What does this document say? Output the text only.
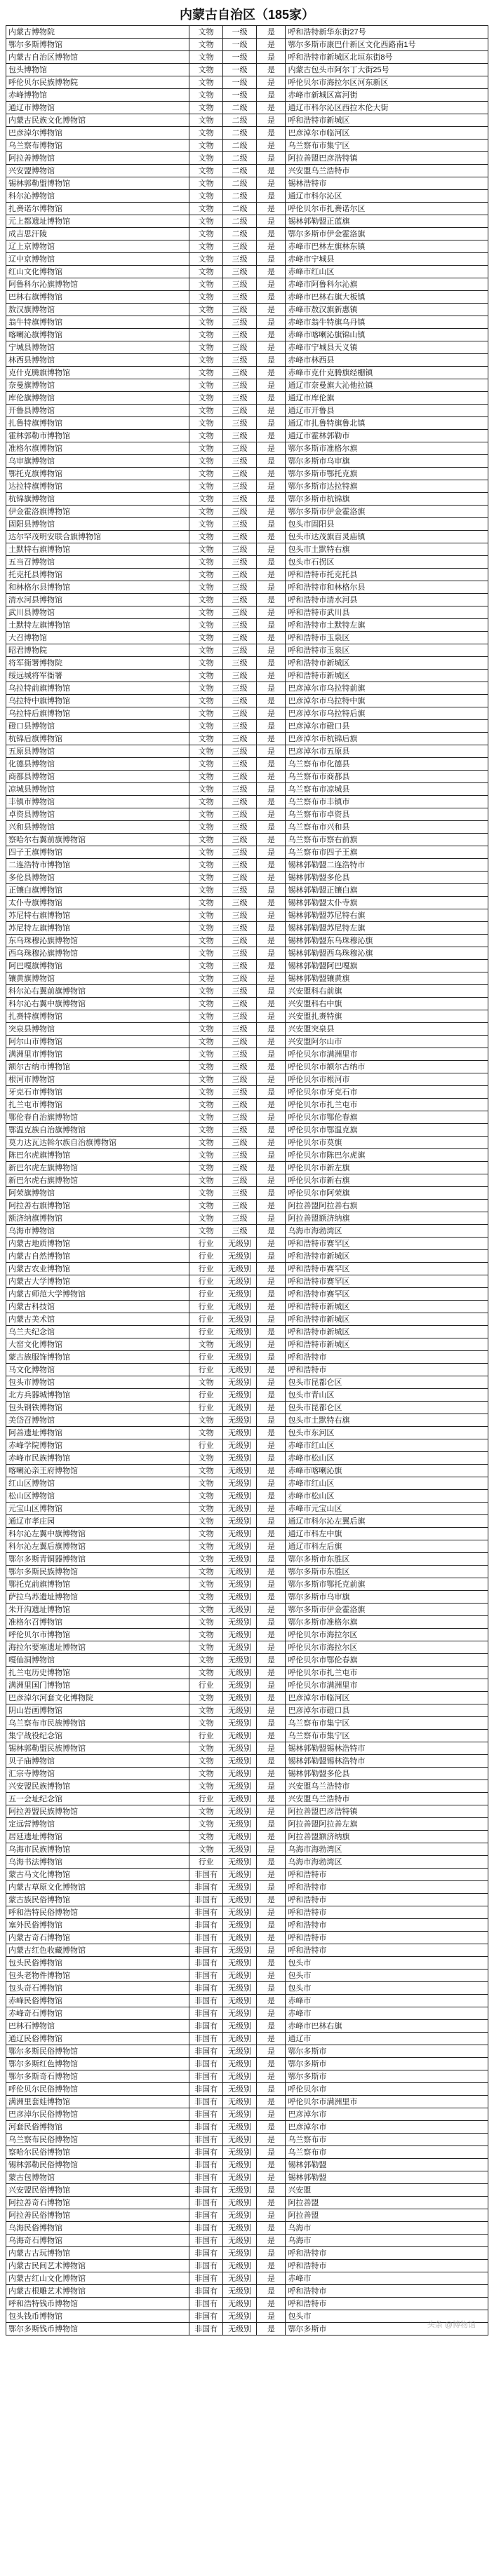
内蒙古自治区（185家）
内蒙古博物院	文物	一级	是	呼和浩特新华东街27号
鄂尔多斯博物馆	文物	一级	是	鄂尔多斯市康巴什新区文化西路南1号
内蒙古自治区博物馆	文物	一级	是	呼和浩特市新城区北垣东街8号
包头博物馆	文物	一级	是	内蒙古包头市阿尔丁大街25号
呼伦贝尔民族博物院	文物	一级	是	呼伦贝尔市海拉尔区河东新区
赤峰博物馆	文物	一级	是	赤峰市新城区富河街
通辽市博物馆	文物	二级	是	通辽市科尔沁区西拉木伦大街
内蒙古民族文化博物馆	文物	二级	是	呼和浩特市新城区
巴彦淖尔博物馆	文物	二级	是	巴彦淖尔市临河区
乌兰察布博物馆	文物	二级	是	乌兰察布市集宁区
阿拉善博物馆	文物	二级	是	阿拉善盟巴彦浩特镇
兴安盟博物馆	文物	二级	是	兴安盟乌兰浩特市
锡林郭勒盟博物馆	文物	二级	是	锡林浩特市
科尔沁博物馆	文物	二级	是	通辽市科尔沁区
扎赉诺尔博物馆	文物	二级	是	呼伦贝尔市扎赉诺尔区
元上都遗址博物馆	文物	二级	是	锡林郭勒盟正蓝旗
成吉思汗陵	文物	二级	是	鄂尔多斯市伊金霍洛旗
辽上京博物馆	文物	三级	是	赤峰市巴林左旗林东镇
辽中京博物馆	文物	三级	是	赤峰市宁城县
红山文化博物馆	文物	三级	是	赤峰市红山区
阿鲁科尔沁旗博物馆	文物	三级	是	赤峰市阿鲁科尔沁旗
巴林右旗博物馆	文物	三级	是	赤峰市巴林右旗大板镇
敖汉旗博物馆	文物	三级	是	赤峰市敖汉旗新惠镇
翁牛特旗博物馆	文物	三级	是	赤峰市翁牛特旗乌丹镇
喀喇沁旗博物馆	文物	三级	是	赤峰市喀喇沁旗锦山镇
宁城县博物馆	文物	三级	是	赤峰市宁城县天义镇
林西县博物馆	文物	三级	是	赤峰市林西县
克什克腾旗博物馆	文物	三级	是	赤峰市克什克腾旗经棚镇
奈曼旗博物馆	文物	三级	是	通辽市奈曼旗大沁他拉镇
库伦旗博物馆	文物	三级	是	通辽市库伦旗
开鲁县博物馆	文物	三级	是	通辽市开鲁县
扎鲁特旗博物馆	文物	三级	是	通辽市扎鲁特旗鲁北镇
霍林郭勒市博物馆	文物	三级	是	通辽市霍林郭勒市
准格尔旗博物馆	文物	三级	是	鄂尔多斯市准格尔旗
乌审旗博物馆	文物	三级	是	鄂尔多斯市乌审旗
鄂托克旗博物馆	文物	三级	是	鄂尔多斯市鄂托克旗
达拉特旗博物馆	文物	三级	是	鄂尔多斯市达拉特旗
杭锦旗博物馆	文物	三级	是	鄂尔多斯市杭锦旗
伊金霍洛旗博物馆	文物	三级	是	鄂尔多斯市伊金霍洛旗
固阳县博物馆	文物	三级	是	包头市固阳县
达尔罕茂明安联合旗博物馆	文物	三级	是	包头市达茂旗百灵庙镇
土默特右旗博物馆	文物	三级	是	包头市土默特右旗
五当召博物馆	文物	三级	是	包头市石拐区
托克托县博物馆	文物	三级	是	呼和浩特市托克托县
和林格尔县博物馆	文物	三级	是	呼和浩特市和林格尔县
清水河县博物馆	文物	三级	是	呼和浩特市清水河县
武川县博物馆	文物	三级	是	呼和浩特市武川县
土默特左旗博物馆	文物	三级	是	呼和浩特市土默特左旗
大召博物馆	文物	三级	是	呼和浩特市玉泉区
昭君博物院	文物	三级	是	呼和浩特市玉泉区
将军衙署博物院	文物	三级	是	呼和浩特市新城区
绥远城将军衙署	文物	三级	是	呼和浩特市新城区
乌拉特前旗博物馆	文物	三级	是	巴彦淖尔市乌拉特前旗
乌拉特中旗博物馆	文物	三级	是	巴彦淖尔市乌拉特中旗
乌拉特后旗博物馆	文物	三级	是	巴彦淖尔市乌拉特后旗
磴口县博物馆	文物	三级	是	巴彦淖尔市磴口县
杭锦后旗博物馆	文物	三级	是	巴彦淖尔市杭锦后旗
五原县博物馆	文物	三级	是	巴彦淖尔市五原县
化德县博物馆	文物	三级	是	乌兰察布市化德县
商都县博物馆	文物	三级	是	乌兰察布市商都县
凉城县博物馆	文物	三级	是	乌兰察布市凉城县
丰镇市博物馆	文物	三级	是	乌兰察布市丰镇市
卓资县博物馆	文物	三级	是	乌兰察布市卓资县
兴和县博物馆	文物	三级	是	乌兰察布市兴和县
察哈尔右翼前旗博物馆	文物	三级	是	乌兰察布市察右前旗
四子王旗博物馆	文物	三级	是	乌兰察布市四子王旗
二连浩特市博物馆	文物	三级	是	锡林郭勒盟二连浩特市
多伦县博物馆	文物	三级	是	锡林郭勒盟多伦县
正镶白旗博物馆	文物	三级	是	锡林郭勒盟正镶白旗
太仆寺旗博物馆	文物	三级	是	锡林郭勒盟太仆寺旗
苏尼特右旗博物馆	文物	三级	是	锡林郭勒盟苏尼特右旗
苏尼特左旗博物馆	文物	三级	是	锡林郭勒盟苏尼特左旗
东乌珠穆沁旗博物馆	文物	三级	是	锡林郭勒盟东乌珠穆沁旗
西乌珠穆沁旗博物馆	文物	三级	是	锡林郭勒盟西乌珠穆沁旗
阿巴嘎旗博物馆	文物	三级	是	锡林郭勒盟阿巴嘎旗
镶黄旗博物馆	文物	三级	是	锡林郭勒盟镶黄旗
科尔沁右翼前旗博物馆	文物	三级	是	兴安盟科右前旗
科尔沁右翼中旗博物馆	文物	三级	是	兴安盟科右中旗
扎赉特旗博物馆	文物	三级	是	兴安盟扎赉特旗
突泉县博物馆	文物	三级	是	兴安盟突泉县
阿尔山市博物馆	文物	三级	是	兴安盟阿尔山市
满洲里市博物馆	文物	三级	是	呼伦贝尔市满洲里市
额尔古纳市博物馆	文物	三级	是	呼伦贝尔市额尔古纳市
根河市博物馆	文物	三级	是	呼伦贝尔市根河市
牙克石市博物馆	文物	三级	是	呼伦贝尔市牙克石市
扎兰屯市博物馆	文物	三级	是	呼伦贝尔市扎兰屯市
鄂伦春自治旗博物馆	文物	三级	是	呼伦贝尔市鄂伦春旗
鄂温克族自治旗博物馆	文物	三级	是	呼伦贝尔市鄂温克旗
莫力达瓦达斡尔族自治旗博物馆	文物	三级	是	呼伦贝尔市莫旗
陈巴尔虎旗博物馆	文物	三级	是	呼伦贝尔市陈巴尔虎旗
新巴尔虎左旗博物馆	文物	三级	是	呼伦贝尔市新左旗
新巴尔虎右旗博物馆	文物	三级	是	呼伦贝尔市新右旗
阿荣旗博物馆	文物	三级	是	呼伦贝尔市阿荣旗
阿拉善右旗博物馆	文物	三级	是	阿拉善盟阿拉善右旗
额济纳旗博物馆	文物	三级	是	阿拉善盟额济纳旗
乌海市博物馆	文物	三级	是	乌海市海勃湾区
内蒙古地质博物馆	行业	无级别	是	呼和浩特市赛罕区
内蒙古自然博物馆	行业	无级别	是	呼和浩特市新城区
内蒙古农业博物馆	行业	无级别	是	呼和浩特市赛罕区
内蒙古大学博物馆	行业	无级别	是	呼和浩特市赛罕区
内蒙古师范大学博物馆	行业	无级别	是	呼和浩特市赛罕区
内蒙古科技馆	行业	无级别	是	呼和浩特市新城区
内蒙古美术馆	行业	无级别	是	呼和浩特市新城区
乌兰夫纪念馆	行业	无级别	是	呼和浩特市新城区
大窑文化博物馆	文物	无级别	是	呼和浩特市新城区
蒙古族服饰博物馆	行业	无级别	是	呼和浩特市
马文化博物馆	行业	无级别	是	呼和浩特市
包头市博物馆	文物	无级别	是	包头市昆都仑区
北方兵器城博物馆	行业	无级别	是	包头市青山区
包头钢铁博物馆	行业	无级别	是	包头市昆都仑区
美岱召博物馆	文物	无级别	是	包头市土默特右旗
阿善遗址博物馆	文物	无级别	是	包头市东河区
赤峰学院博物馆	行业	无级别	是	赤峰市红山区
赤峰市民族博物馆	文物	无级别	是	赤峰市松山区
喀喇沁亲王府博物馆	文物	无级别	是	赤峰市喀喇沁旗
红山区博物馆	文物	无级别	是	赤峰市红山区
松山区博物馆	文物	无级别	是	赤峰市松山区
元宝山区博物馆	文物	无级别	是	赤峰市元宝山区
通辽市孝庄园	文物	无级别	是	通辽市科尔沁左翼后旗
科尔沁左翼中旗博物馆	文物	无级别	是	通辽市科左中旗
科尔沁左翼后旗博物馆	文物	无级别	是	通辽市科左后旗
鄂尔多斯青铜器博物馆	文物	无级别	是	鄂尔多斯市东胜区
鄂尔多斯民族博物馆	文物	无级别	是	鄂尔多斯市东胜区
鄂托克前旗博物馆	文物	无级别	是	鄂尔多斯市鄂托克前旗
萨拉乌苏遗址博物馆	文物	无级别	是	鄂尔多斯市乌审旗
朱开沟遗址博物馆	文物	无级别	是	鄂尔多斯市伊金霍洛旗
准格尔召博物馆	文物	无级别	是	鄂尔多斯市准格尔旗
呼伦贝尔市博物馆	文物	无级别	是	呼伦贝尔市海拉尔区
海拉尔要塞遗址博物馆	文物	无级别	是	呼伦贝尔市海拉尔区
嘎仙洞博物馆	文物	无级别	是	呼伦贝尔市鄂伦春旗
扎兰屯历史博物馆	文物	无级别	是	呼伦贝尔市扎兰屯市
满洲里国门博物馆	行业	无级别	是	呼伦贝尔市满洲里市
巴彦淖尔河套文化博物院	文物	无级别	是	巴彦淖尔市临河区
阴山岩画博物馆	文物	无级别	是	巴彦淖尔市磴口县
乌兰察布市民族博物馆	文物	无级别	是	乌兰察布市集宁区
集宁战役纪念馆	行业	无级别	是	乌兰察布市集宁区
锡林郭勒盟民族博物馆	文物	无级别	是	锡林郭勒盟锡林浩特市
贝子庙博物馆	文物	无级别	是	锡林郭勒盟锡林浩特市
汇宗寺博物馆	文物	无级别	是	锡林郭勒盟多伦县
兴安盟民族博物馆	文物	无级别	是	兴安盟乌兰浩特市
五一会址纪念馆	行业	无级别	是	兴安盟乌兰浩特市
阿拉善盟民族博物馆	文物	无级别	是	阿拉善盟巴彦浩特镇
定远营博物馆	文物	无级别	是	阿拉善盟阿拉善左旗
居延遗址博物馆	文物	无级别	是	阿拉善盟额济纳旗
乌海市民族博物馆	文物	无级别	是	乌海市海勃湾区
乌海书法博物馆	行业	无级别	是	乌海市海勃湾区
蒙古马文化博物馆	非国有	无级别	是	呼和浩特市
内蒙古草原文化博物馆	非国有	无级别	是	呼和浩特市
蒙古族民俗博物馆	非国有	无级别	是	呼和浩特市
呼和浩特民俗博物馆	非国有	无级别	是	呼和浩特市
塞外民俗博物馆	非国有	无级别	是	呼和浩特市
内蒙古奇石博物馆	非国有	无级别	是	呼和浩特市
内蒙古红色收藏博物馆	非国有	无级别	是	呼和浩特市
包头民俗博物馆	非国有	无级别	是	包头市
包头老物件博物馆	非国有	无级别	是	包头市
包头奇石博物馆	非国有	无级别	是	包头市
赤峰民俗博物馆	非国有	无级别	是	赤峰市
赤峰奇石博物馆	非国有	无级别	是	赤峰市
巴林石博物馆	非国有	无级别	是	赤峰市巴林右旗
通辽民俗博物馆	非国有	无级别	是	通辽市
鄂尔多斯民俗博物馆	非国有	无级别	是	鄂尔多斯市
鄂尔多斯红色博物馆	非国有	无级别	是	鄂尔多斯市
鄂尔多斯奇石博物馆	非国有	无级别	是	鄂尔多斯市
呼伦贝尔民俗博物馆	非国有	无级别	是	呼伦贝尔市
满洲里套娃博物馆	非国有	无级别	是	呼伦贝尔市满洲里市
巴彦淖尔民俗博物馆	非国有	无级别	是	巴彦淖尔市
河套民俗博物馆	非国有	无级别	是	巴彦淖尔市
乌兰察布民俗博物馆	非国有	无级别	是	乌兰察布市
察哈尔民俗博物馆	非国有	无级别	是	乌兰察布市
锡林郭勒民俗博物馆	非国有	无级别	是	锡林郭勒盟
蒙古包博物馆	非国有	无级别	是	锡林郭勒盟
兴安盟民俗博物馆	非国有	无级别	是	兴安盟
阿拉善奇石博物馆	非国有	无级别	是	阿拉善盟
阿拉善民俗博物馆	非国有	无级别	是	阿拉善盟
乌海民俗博物馆	非国有	无级别	是	乌海市
乌海奇石博物馆	非国有	无级别	是	乌海市
内蒙古古玩博物馆	非国有	无级别	是	呼和浩特市
内蒙古民间艺术博物馆	非国有	无级别	是	呼和浩特市
内蒙古红山文化博物馆	非国有	无级别	是	赤峰市
内蒙古根雕艺术博物馆	非国有	无级别	是	呼和浩特市
呼和浩特钱币博物馆	非国有	无级别	是	呼和浩特市
包头钱币博物馆	非国有	无级别	是	包头市
鄂尔多斯钱币博物馆	非国有	无级别	是	鄂尔多斯市	头条 @博物馆
